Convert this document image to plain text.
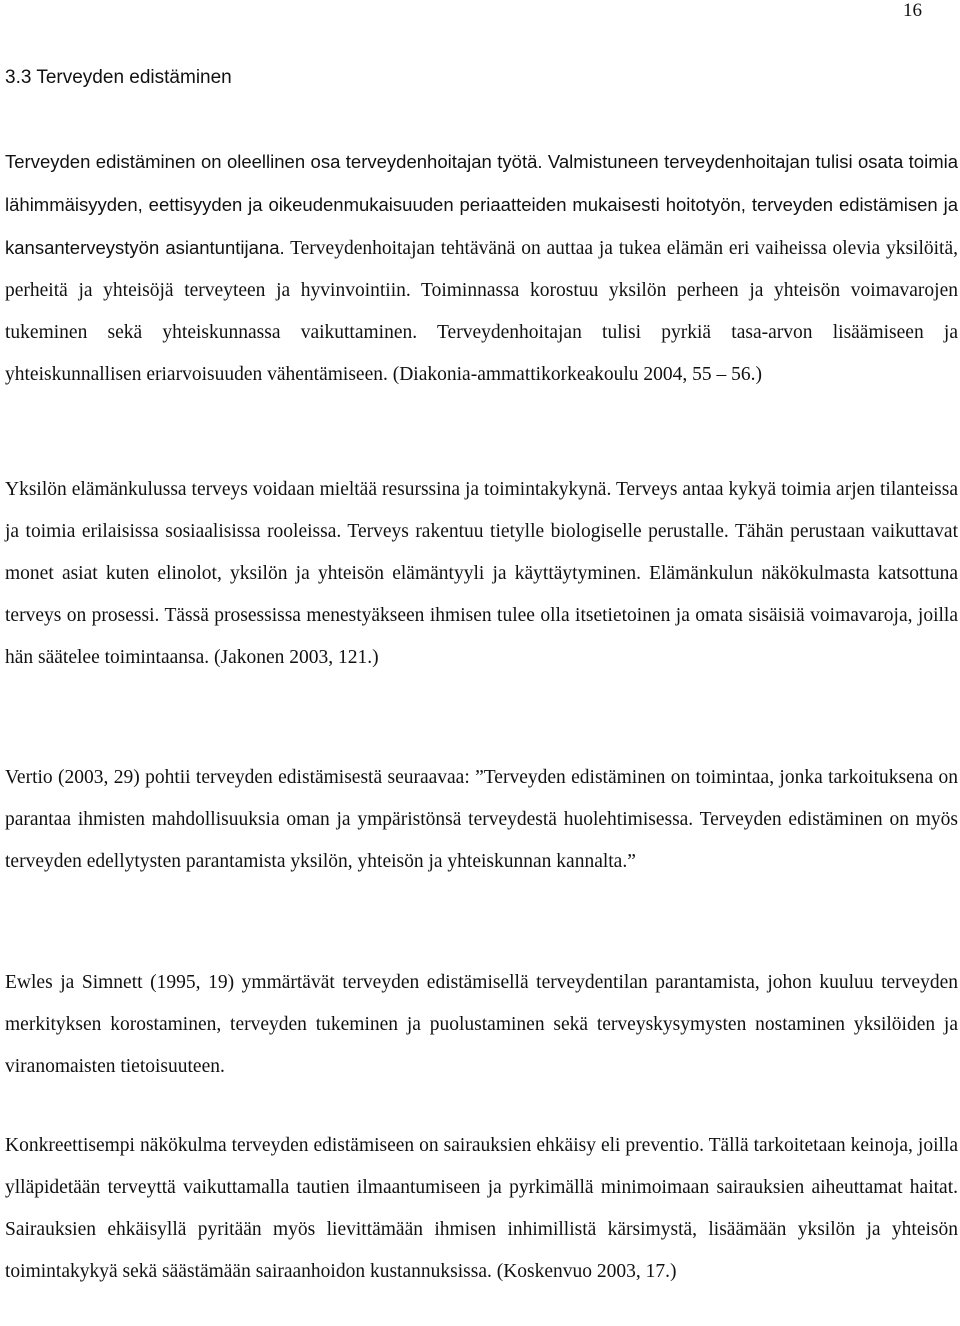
16
3.3 Terveyden edistäminen

Terveyden edistäminen on oleellinen osa terveydenhoitajan työtä. Valmistuneen terveydenhoitajan tulisi osata toimia lähimmäisyyden, eettisyyden ja oikeudenmukaisuuden periaatteiden mukaisesti hoitotyön, terveyden edistämisen ja kansanterveystyön asiantuntijana. Terveydenhoitajan tehtävänä on auttaa ja tukea elämän eri vaiheissa olevia yksilöitä, perheitä ja yhteisöjä terveyteen ja hyvinvointiin. Toiminnassa korostuu yksilön perheen ja yhteisön voimavarojen tukeminen sekä yhteiskunnassa vaikuttaminen. Terveydenhoitajan tulisi pyrkiä tasa-arvon lisäämiseen ja yhteiskunnallisen eriarvoisuuden vähentämiseen. (Diakonia-ammattikorkeakoulu 2004, 55 – 56.)

Yksilön elämänkulussa terveys voidaan mieltää resurssina ja toimintakykynä. Terveys antaa kykyä toimia arjen tilanteissa ja toimia erilaisissa sosiaalisissa rooleissa. Terveys rakentuu tietylle biologiselle perustalle. Tähän perustaan vaikuttavat monet asiat kuten elinolot, yksilön ja yhteisön elämäntyyli ja käyttäytyminen. Elämänkulun näkökulmasta katsottuna terveys on prosessi. Tässä prosessissa menestyäkseen ihmisen tulee olla itsetietoinen ja omata sisäisiä voimavaroja, joilla hän säätelee toimintaansa. (Jakonen 2003, 121.)

Vertio (2003, 29) pohtii terveyden edistämisestä seuraavaa: ”Terveyden edistäminen on toimintaa, jonka tarkoituksena on parantaa ihmisten mahdollisuuksia oman ja ympäristönsä terveydestä huolehtimisessa. Terveyden edistäminen on myös terveyden edellytysten parantamista yksilön, yhteisön ja yhteiskunnan kannalta.”

Ewles ja Simnett (1995, 19) ymmärtävät terveyden edistämisellä terveydentilan parantamista, johon kuuluu terveyden merkityksen korostaminen, terveyden tukeminen ja puolustaminen sekä terveyskysymysten nostaminen yksilöiden ja viranomaisten tietoisuuteen.

Konkreettisempi näkökulma terveyden edistämiseen on sairauksien ehkäisy eli preventio. Tällä tarkoitetaan keinoja, joilla ylläpidetään terveyttä vaikuttamalla tautien ilmaantumiseen ja pyrkimällä minimoimaan sairauksien aiheuttamat haitat. Sairauksien ehkäisyllä pyritään myös lievittämään ihmisen inhimillistä kärsimystä, lisäämään yksilön ja yhteisön toimintakykyä sekä säästämään sairaanhoidon kustannuksissa. (Koskenvuo 2003, 17.)
